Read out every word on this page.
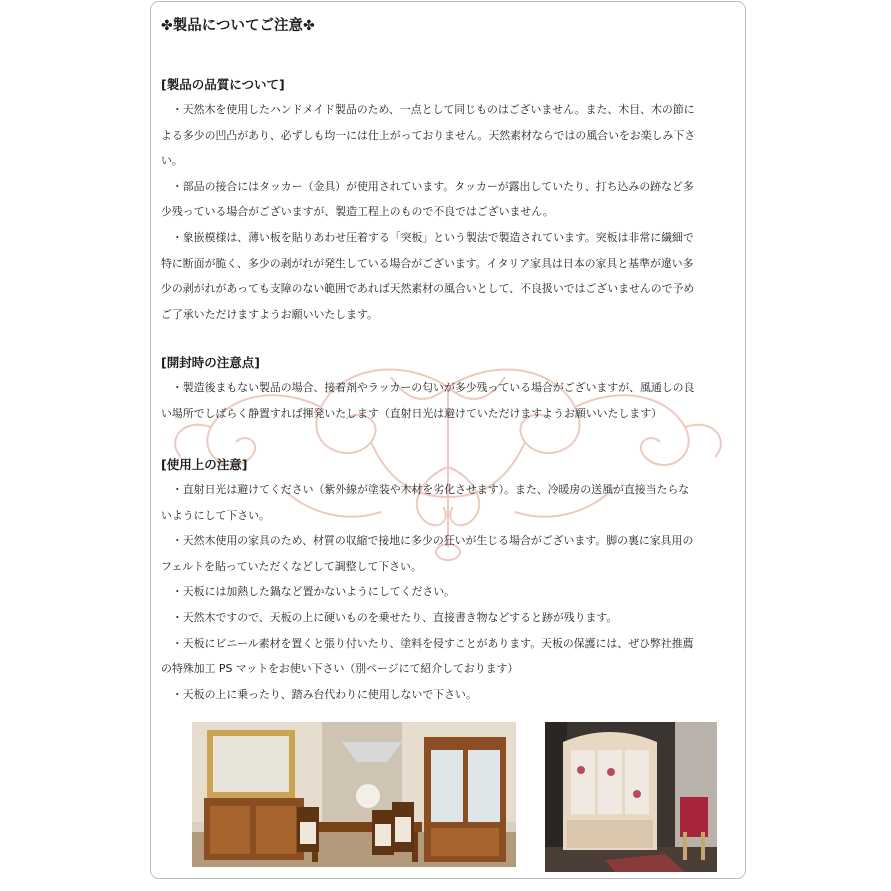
✤製品についてご注意✤
[製品の品質について]

・天然木を使用したハンドメイド製品のため、一点として同じものはございません。また、木目、木の節に
よる多少の凹凸があり、必ずしも均一には仕上がっておりません。天然素材ならではの風合いをお楽しみ下さ
い。

・部品の接合にはタッカー（金具）が使用されています。タッカーが露出していたり、打ち込みの跡など多
少残っている場合がございますが、製造工程上のもので不良ではございません。

・象嵌模様は、薄い板を貼りあわせ圧着する「突板」という製法で製造されています。突板は非常に繊細で
特に断面が脆く、多少の剥がれが発生している場合がございます。イタリア家具は日本の家具と基準が違い多
少の剥がれがあっても支障のない範囲であれば天然素材の風合いとして、不良扱いではございませんので予め
ご了承いただけますようお願いいたします。

[開封時の注意点]

・製造後まもない製品の場合、接着剤やラッカーの匂いが多少残っている場合がございますが、風通しの良
い場所でしばらく静置すれば揮発いたします（直射日光は避けていただけますようお願いいたします）

[使用上の注意]

・直射日光は避けてください（紫外線が塗装や木材を劣化させます）。また、冷暖房の送風が直接当たらな
いようにして下さい。

・天然木使用の家具のため、材質の収縮で接地に多少の狂いが生じる場合がございます。脚の裏に家具用の
フェルトを貼っていただくなどして調整して下さい。

・天板には加熱した鍋など置かないようにしてください。

・天然木ですので、天板の上に硬いものを乗せたり、直接書き物などすると跡が残ります。

・天板にビニール素材を置くと張り付いたり、塗料を侵すことがあります。天板の保護には、ぜひ弊社推薦
の特殊加工 PS マットをお使い下さい（別ページにて紹介しております）

・天板の上に乗ったり、踏み台代わりに使用しないで下さい。
